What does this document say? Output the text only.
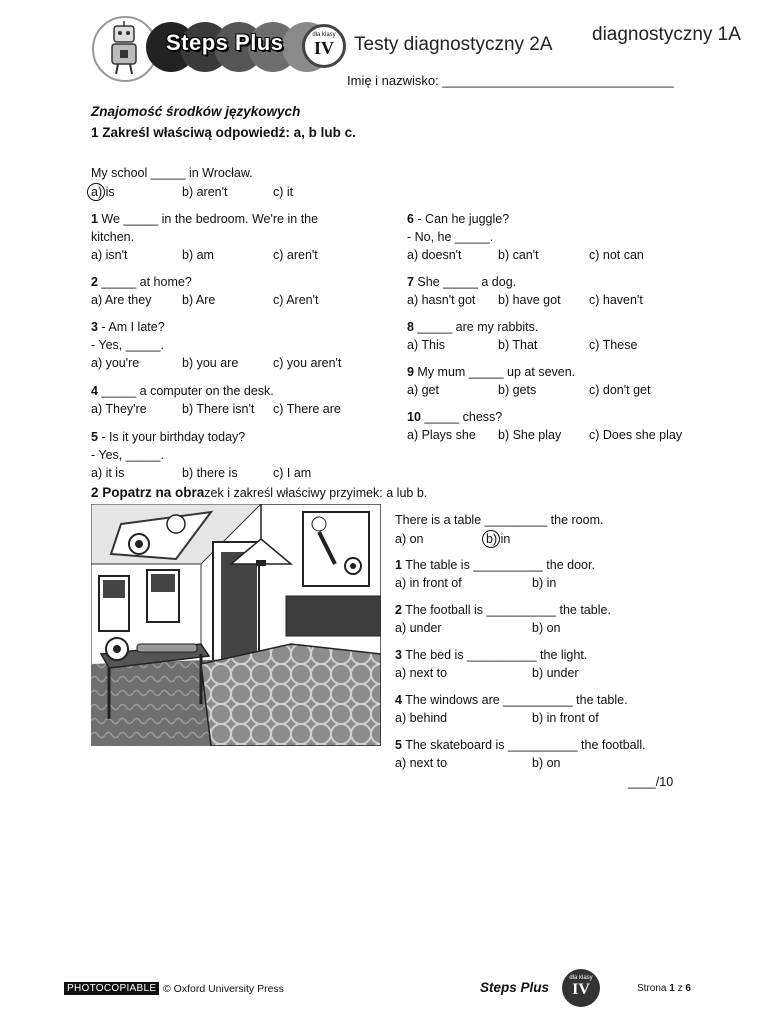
Steps Plus	dla klasy
IV	Testy diagnostyczny 2A diagnostyczny 1A
Imię i nazwisko: ________________________________
Znajomość środków językowych
1 Zakreśl właściwą odpowiedź: a, b lub c.
My school _____ in Wrocław.
a) is	b) aren't	c) it
1 We _____ in the bedroom. We're in the
kitchen.
a) isn't	b) am	c) aren't
2 _____ at home?
a) Are they b) Are	c) Aren't
3 - Am I late?
- Yes, _____.
a) you're	b) you are	c) you aren't
4 _____ a computer on the desk.
a) They're	b) There isn't c) There are
5 - Is it your birthday today?
- Yes, _____.
a) it is	b) there is	c) I am
6 - Can he juggle?
- No, he _____.
a) doesn't	b) can't	c) not can
7 She _____ a dog.
a) hasn't got b) have got c) haven't
8 _____ are my rabbits.
a) This	b) That	c) These
9 My mum _____ up at seven.
a) get	b) gets	c) don't get
10 _____ chess?
a) Plays she b) She play c) Does she play
2 Popatrz na obrazek i zakreśl właściwy przyimek: a lub b.
There is a table _________ the room.
a) on	b) in
1 The table is __________ the door.
a) in front of	b) in
2 The football is __________ the table.
a) under	b) on
3 The bed is __________ the light.
a) next to	b) under
4 The windows are __________ the table.
a) behind	b) in front of
5 The skateboard is __________ the football.
a) next to	b) on
____/10
PHOTOCOPIABLE © Oxford University Press	Steps Plus
dla klasy
IV	Strona 1 z 6
